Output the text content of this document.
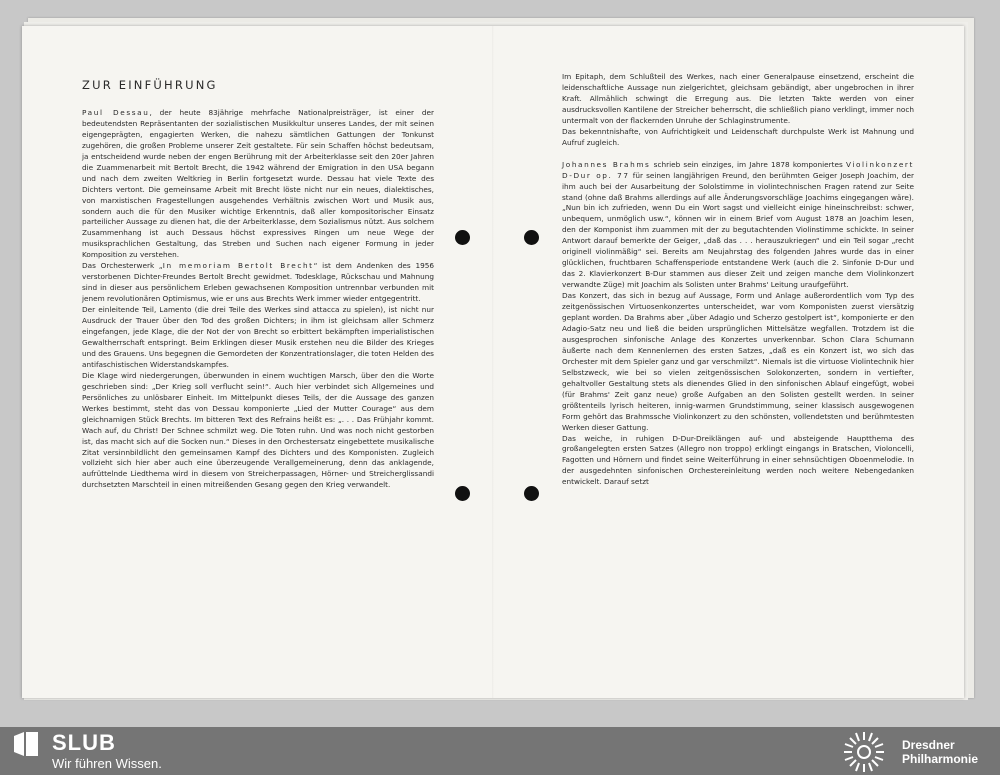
ZUR EINFÜHRUNG

Paul Dessau, der heute 83jährige mehrfache Nationalpreisträger, ist einer der bedeutendsten Repräsentanten der sozialistischen Musikkultur unseres Landes, der mit seinen eigengeprägten, engagierten Werken, die nahezu sämtlichen Gattungen der Tonkunst zugehören, die großen Probleme unserer Zeit gestaltete. Für sein Schaffen höchst bedeutsam, ja entscheidend wurde neben der engen Berührung mit der Arbeiterklasse seit den 20er Jahren die Zuammenarbeit mit Bertolt Brecht, die 1942 während der Emigration in den USA begann und nach dem zweiten Weltkrieg in Berlin fortgesetzt wurde. Dessau hat viele Texte des Dichters vertont. Die gemeinsame Arbeit mit Brecht löste nicht nur ein neues, dialektisches, von marxistischen Fragestellungen ausgehendes Verhältnis zwischen Wort und Musik aus, sondern auch die für den Musiker wichtige Erkenntnis, daß aller kompositorischer Einsatz parteilicher Aussage zu dienen hat, die der Arbeiterklasse, dem Sozialismus nützt. Aus solchem Zusammenhang ist auch Dessaus höchst expressives Ringen um neue Wege der musiksprachlichen Gestaltung, das Streben und Suchen nach eigener Formung in jeder Komposition zu verstehen.

Das Orchesterwerk „In memoriam Bertolt Brecht“ ist dem Andenken des 1956 verstorbenen Dichter-Freundes Bertolt Brecht gewidmet. Todesklage, Rückschau und Mahnung sind in dieser aus persönlichem Erleben gewachsenen Komposition untrennbar verbunden mit jenem revolutionären Optimismus, wie er uns aus Brechts Werk immer wieder entgegentritt.

Der einleitende Teil, Lamento (die drei Teile des Werkes sind attacca zu spielen), ist nicht nur Ausdruck der Trauer über den Tod des großen Dichters; in ihm ist gleichsam aller Schmerz eingefangen, jede Klage, die der Not der von Brecht so erbittert bekämpften imperialistischen Gewaltherrschaft entspringt. Beim Erklingen dieser Musik erstehen neu die Bilder des Krieges und des Grauens. Uns begegnen die Gemordeten der Konzentrationslager, die toten Helden des antifaschistischen Widerstandskampfes.

Die Klage wird niedergerungen, überwunden in einem wuchtigen Marsch, über den die Worte geschrieben sind: „Der Krieg soll verflucht sein!“. Auch hier verbindet sich Allgemeines und Persönliches zu unlösbarer Einheit. Im Mittelpunkt dieses Teils, der die Aussage des ganzen Werkes bestimmt, steht das von Dessau komponierte „Lied der Mutter Courage“ aus dem gleichnamigen Stück Brechts. Im bitteren Text des Refrains heißt es: „. . . Das Frühjahr kommt. Wach auf, du Christ! Der Schnee schmilzt weg. Die Toten ruhn. Und was noch nicht gestorben ist, das macht sich auf die Socken nun.“ Dieses in den Orchestersatz eingebettete musikalische Zitat versinnbildlicht den gemeinsamen Kampf des Dichters und des Komponisten. Zugleich vollzieht sich hier aber auch eine überzeugende Verallgemeinerung, denn das anklagende, aufrüttelnde Liedthema wird in diesem von Streicherpassagen, Hörner- und Streicherglissandi durchsetzten Marschteil in einen mitreißenden Gesang gegen den Krieg verwandelt.

Im Epitaph, dem Schlußteil des Werkes, nach einer Generalpause einsetzend, erscheint die leidenschaftliche Aussage nun zielgerichtet, gleichsam gebändigt, aber ungebrochen in ihrer Kraft. Allmählich schwingt die Erregung aus. Die letzten Takte werden von einer ausdrucksvollen Kantilene der Streicher beherrscht, die schließlich piano verklingt, immer noch untermalt von der flackernden Unruhe der Schlaginstrumente.

Das bekenntnishafte, von Aufrichtigkeit und Leidenschaft durchpulste Werk ist Mahnung und Aufruf zugleich.

Johannes Brahms schrieb sein einziges, im Jahre 1878 komponiertes Violinkonzert D-Dur op. 77 für seinen langjährigen Freund, den berühmten Geiger Joseph Joachim, der ihm auch bei der Ausarbeitung der Sololstimme in violintechnischen Fragen ratend zur Seite stand (ohne daß Brahms allerdings auf alle Änderungsvorschläge Joachims eingegangen wäre). „Nun bin ich zufrieden, wenn Du ein Wort sagst und vielleicht einige hineinschreibst: schwer, unbequem, unmöglich usw.“, können wir in einem Brief vom August 1878 an Joachim lesen, den der Komponist ihm zuammen mit der zu begutachtenden Violinstimme schickte. In seiner Antwort darauf bemerkte der Geiger, „daß das . . . herauszukriegen“ und ein Teil sogar „recht originell violinmäßig“ sei. Bereits am Neujahrstag des folgenden Jahres wurde das in einer glücklichen, fruchtbaren Schaffensperiode entstandene Werk (auch die 2. Sinfonie D-Dur und das 2. Klavierkonzert B-Dur stammen aus dieser Zeit und zeigen manche dem Violinkonzert verwandte Züge) mit Joachim als Solisten unter Brahms' Leitung uraufgeführt.

Das Konzert, das sich in bezug auf Aussage, Form und Anlage außerordentlich vom Typ des zeitgenössischen Virtuosenkonzertes unterscheidet, war vom Komponisten zuerst viersätzig geplant worden. Da Brahms aber „über Adagio und Scherzo gestolpert ist“, komponierte er den Adagio-Satz neu und ließ die beiden ursprünglichen Mittelsätze wegfallen. Trotzdem ist die ausgesprochen sinfonische Anlage des Konzertes unverkennbar. Schon Clara Schumann äußerte nach dem Kennenlernen des ersten Satzes, „daß es ein Konzert ist, wo sich das Orchester mit dem Spieler ganz und gar verschmilzt“. Niemals ist die virtuose Violintechnik hier Selbstzweck, wie bei so vielen zeitgenössischen Solokonzerten, sondern in vertiefter, gehaltvoller Gestaltung stets als dienendes Glied in den sinfonischen Ablauf eingefügt, wobei (für Brahms' Zeit ganz neue) große Aufgaben an den Solisten gestellt werden. In seiner größtenteils lyrisch heiteren, innig-warmen Grundstimmung, seiner klassisch ausgewogenen Form gehört das Brahmssche Violinkonzert zu den schönsten, vollendetsten und berühmtesten Werken dieser Gattung.

Das weiche, in ruhigen D-Dur-Dreiklängen auf- und absteigende Hauptthema des großangelegten ersten Satzes (Allegro non troppo) erklingt eingangs in Bratschen, Violoncelli, Fagotten und Hörnern und findet seine Weiterführung in einer sehnsüchtigen Oboenmelodie. In der ausgedehnten sinfonischen Orchestereinleitung werden noch weitere Nebengedanken entwickelt. Darauf setzt

SLUB
Wir führen Wissen.
Dresdner
Philharmonie
